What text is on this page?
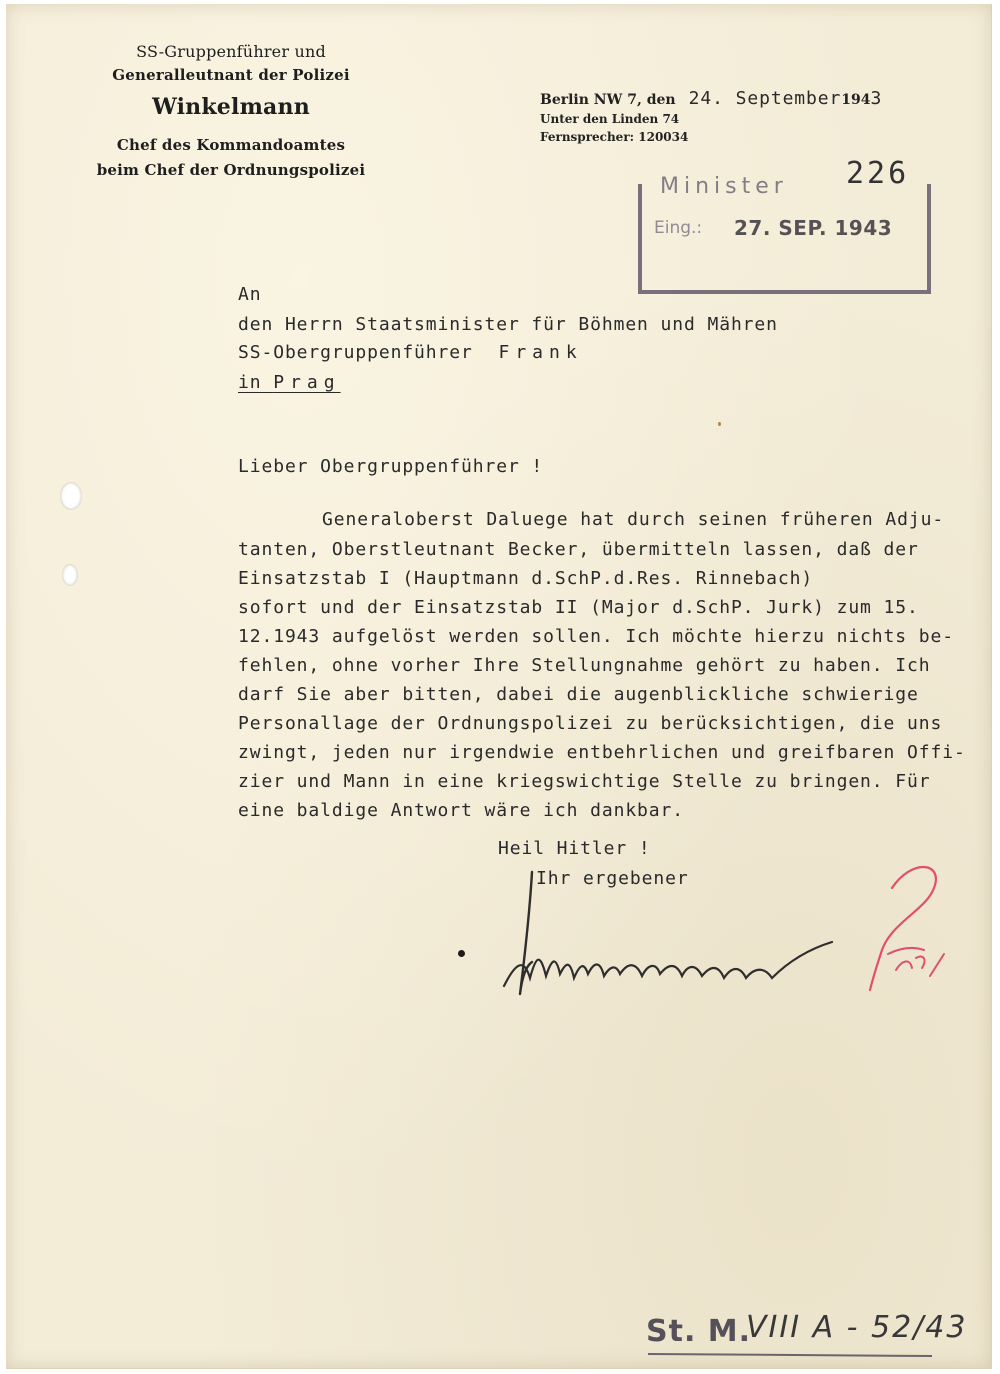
SS-Gruppenführer und

Generalleutnant der Polizei

Winkelmann

Chef des Kommandoamtes

beim Chef der Ordnungspolizei

Berlin NW 7, den 24. September1943

Unter den Linden 74

Fernsprecher: 120034

Minister
Eing.: 27. SEP. 1943
226

An

den Herrn Staatsminister für Böhmen und Mähren

SS-Obergruppenführer Frank

in Prag

Lieber Obergruppenführer !

Generaloberst Daluege hat durch seinen früheren Adju-

tanten, Oberstleutnant Becker, übermitteln lassen, daß der

Einsatzstab I (Hauptmann d.SchP.d.Res. Rinnebach)

sofort und der Einsatzstab II (Major d.SchP. Jurk) zum 15.

12.1943 aufgelöst werden sollen. Ich möchte hierzu nichts be-

fehlen, ohne vorher Ihre Stellungnahme gehört zu haben. Ich

darf Sie aber bitten, dabei die augenblickliche schwierige

Personallage der Ordnungspolizei zu berücksichtigen, die uns

zwingt, jeden nur irgendwie entbehrlichen und greifbaren Offi-

zier und Mann in eine kriegswichtige Stelle zu bringen. Für

eine baldige Antwort wäre ich dankbar.

Heil Hitler !

Ihr ergebener

St. M.
VIII A - 52/43
